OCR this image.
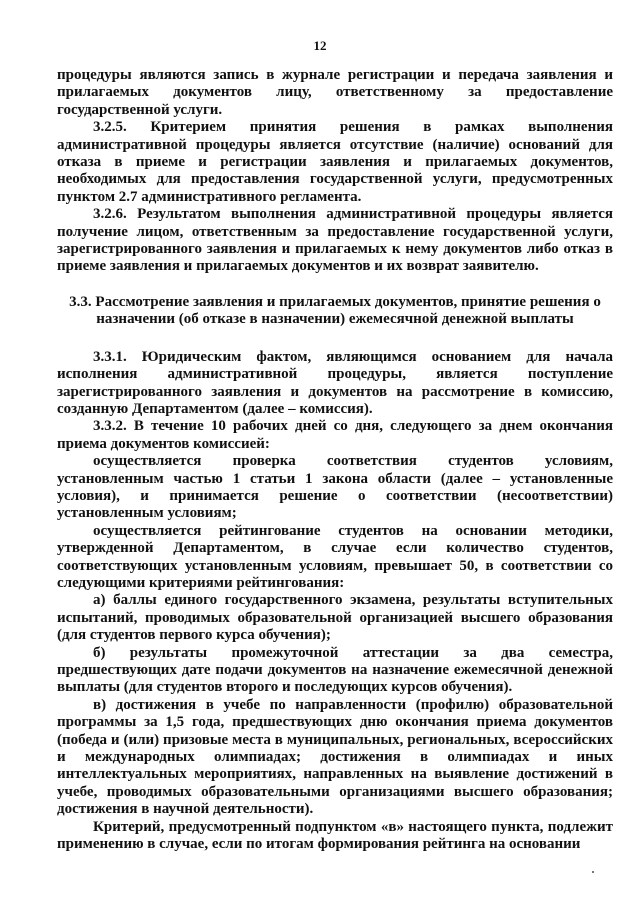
12

процедуры являются запись в журнале регистрации и передача заявления и прилагаемых документов лицу, ответственному за предоставление государственной услуги.

3.2.5. Критерием принятия решения в рамках выполнения административной процедуры является отсутствие (наличие) оснований для отказа в приеме и регистрации заявления и прилагаемых документов, необходимых для предоставления государственной услуги, предусмотренных пунктом 2.7 административного регламента.

3.2.6. Результатом выполнения административной процедуры является получение лицом, ответственным за предоставление государственной услуги, зарегистрированного заявления и прилагаемых к нему документов либо отказ в приеме заявления и прилагаемых документов и их возврат заявителю.

3.3. Рассмотрение заявления и прилагаемых документов, принятие решения о назначении (об отказе в назначении) ежемесячной денежной выплаты

3.3.1. Юридическим фактом, являющимся основанием для начала исполнения административной процедуры, является поступление зарегистрированного заявления и документов на рассмотрение в комиссию, созданную Департаментом (далее – комиссия).

3.3.2. В течение 10 рабочих дней со дня, следующего за днем окончания приема документов комиссией:

осуществляется проверка соответствия студентов условиям, установленным частью 1 статьи 1 закона области (далее – установленные условия), и принимается решение о соответствии (несоответствии) установленным условиям;

осуществляется рейтингование студентов на основании методики, утвержденной Департаментом, в случае если количество студентов, соответствующих установленным условиям, превышает 50, в соответствии со следующими критериями рейтингования:

а) баллы единого государственного экзамена, результаты вступительных испытаний, проводимых образовательной организацией высшего образования (для студентов первого курса обучения);

б) результаты промежуточной аттестации за два семестра, предшествующих дате подачи документов на назначение ежемесячной денежной выплаты (для студентов второго и последующих курсов обучения).

в) достижения в учебе по направленности (профилю) образовательной программы за 1,5 года, предшествующих дню окончания приема документов (победа и (или) призовые места в муниципальных, региональных, всероссийских и международных олимпиадах; достижения в олимпиадах и иных интеллектуальных мероприятиях, направленных на выявление достижений в учебе, проводимых образовательными организациями высшего образования; достижения в научной деятельности).

Критерий, предусмотренный подпунктом «в» настоящего пункта, подлежит применению в случае, если по итогам формирования рейтинга на основании
